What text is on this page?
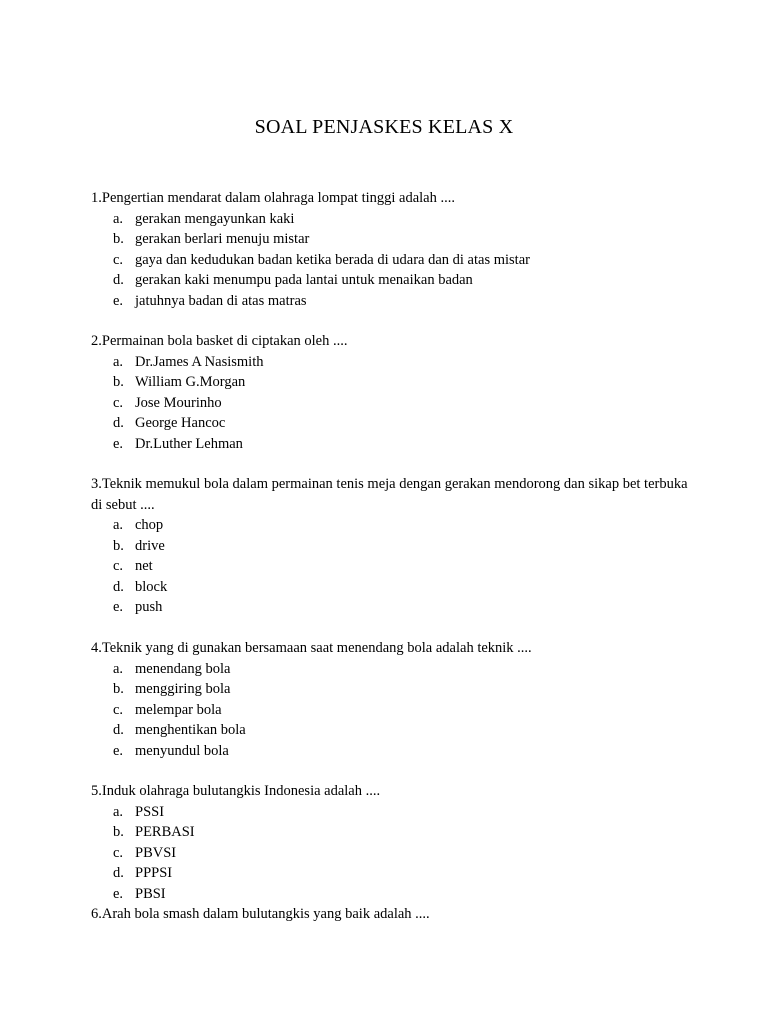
SOAL PENJASKES KELAS X
1.Pengertian mendarat dalam olahraga lompat tinggi adalah ....
a. gerakan mengayunkan kaki
b. gerakan berlari menuju mistar
c. gaya dan kedudukan badan ketika berada di udara dan di atas mistar
d. gerakan kaki menumpu pada lantai untuk menaikan badan
e. jatuhnya badan di atas matras
2.Permainan bola basket di ciptakan oleh ....
a. Dr.James A Nasismith
b. William G.Morgan
c. Jose Mourinho
d. George Hancoc
e. Dr.Luther Lehman
3.Teknik memukul bola dalam permainan tenis meja dengan gerakan mendorong dan sikap bet terbuka di sebut ....
a. chop
b. drive
c. net
d. block
e. push
4.Teknik yang di gunakan bersamaan saat menendang bola adalah teknik ....
a. menendang bola
b. menggiring bola
c. melempar bola
d. menghentikan bola
e. menyundul bola
5.Induk olahraga bulutangkis Indonesia adalah ....
a. PSSI
b. PERBASI
c. PBVSI
d. PPPSI
e. PBSI
6.Arah bola smash dalam bulutangkis yang baik adalah ....
